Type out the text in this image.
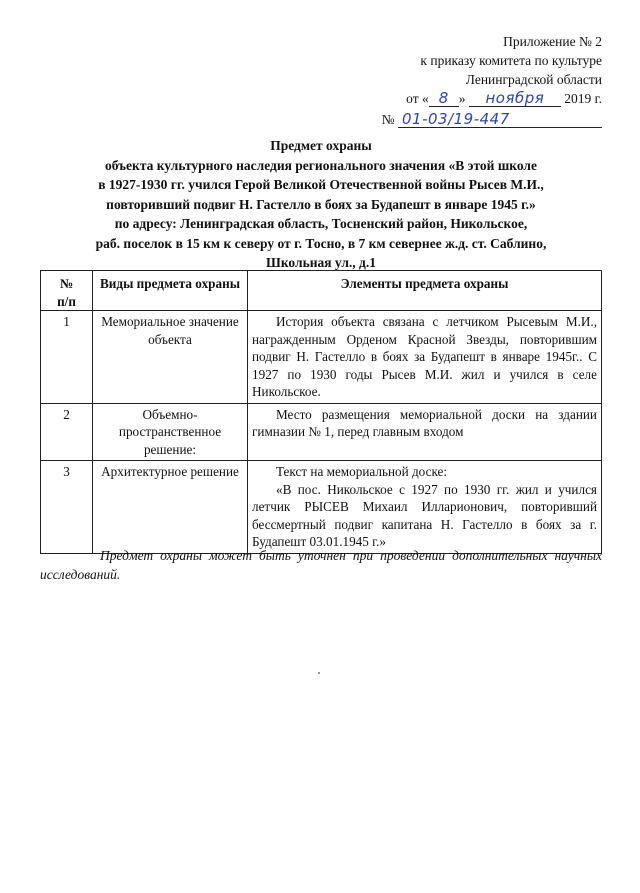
Приложение № 2
к приказу комитета по культуре
Ленинградской области
от « 8 » ноября 2019 г.
№ 01-03/19-447
Предмет охраны
объекта культурного наследия регионального значения «В этой школе
в 1927-1930 гг. учился Герой Великой Отечественной войны Рысев М.И.,
повторивший подвиг Н. Гастелло в боях за Будапешт в январе 1945 г.»
по адресу: Ленинградская область, Тосненский район, Никольское,
раб. поселок в 15 км к северу от г. Тосно, в 7 км севернее ж.д. ст. Саблино,
Школьная ул., д.1
№
п/п	Виды предмета охраны	Элементы предмета охраны
1	Мемориальное значение объекта	История объекта связана с летчиком Рысевым М.И., награжденным Орденом Красной Звезды, повторившим подвиг Н. Гастелло в боях за Будапешт в январе 1945г.. С 1927 по 1930 годы Рысев М.И. жил и учился в селе Никольское.

2	Объемно-пространственное решение:	Место размещения мемориальной доски на здании гимназии № 1, перед главным входом

3	Архитектурное решение	Текст на мемориальной доске:

«В пос. Никольское с 1927 по 1930 гг. жил и учился летчик РЫСЕВ Михаил Илларионович, повторивший бессмертный подвиг капитана Н. Гастелло в боях за г. Будапешт 03.01.1945 г.»

Предмет охраны может быть уточнен при проведении дополнительных научных исследований.
